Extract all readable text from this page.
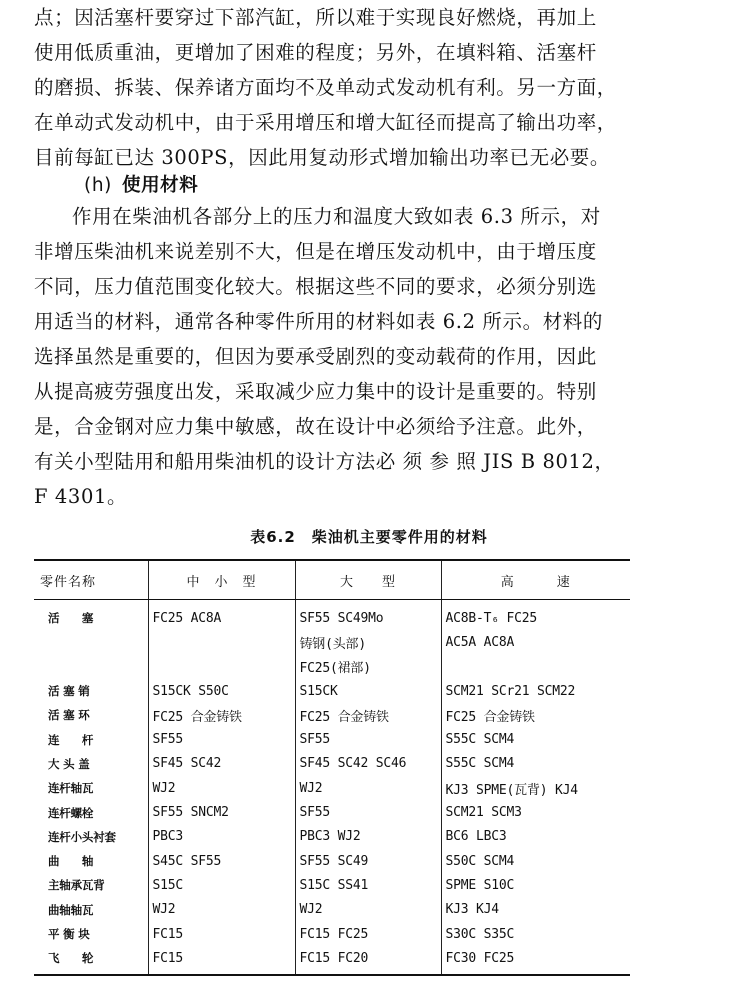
点；因活塞杆要穿过下部汽缸，所以难于实现良好燃烧，再加上
使用低质重油，更增加了困难的程度；另外，在填料箱、活塞杆
的磨损、拆装、保养诸方面均不及单动式发动机有利。另一方面，
在单动式发动机中，由于采用增压和增大缸径而提高了输出功率，
目前每缸已达 300PS，因此用复动形式增加输出功率已无必要。
(h) 使用材料
作用在柴油机各部分上的压力和温度大致如表 6.3 所示，对
非增压柴油机来说差别不大，但是在增压发动机中，由于增压度
不同，压力值范围变化较大。根据这些不同的要求，必须分别选
用适当的材料，通常各种零件所用的材料如表 6.2 所示。材料的
选择虽然是重要的，但因为要承受剧烈的变动载荷的作用，因此
从提高疲劳强度出发，采取减少应力集中的设计是重要的。特别
是，合金钢对应力集中敏感，故在设计中必须给予注意。此外，
有关小型陆用和船用柴油机的设计方法必 须 参 照 JIS B 8012，
F 4301。
表6.2　柴油机主要零件用的材料
零件名称	中　小　型	大　　型	高　　　速
活　　塞	FC25 AC8A	SF55 SC49Mo	AC8B-T₆ FC25
		铸钢(头部)	AC5A AC8A
		FC25(裙部)	
活 塞 销	S15CK S50C	S15CK	SCM21 SCr21 SCM22
活 塞 环	FC25 合金铸铁	FC25 合金铸铁	FC25 合金铸铁
连　　杆	SF55	SF55	S55C SCM4
大 头 盖	SF45 SC42	SF45 SC42 SC46	S55C SCM4
连杆轴瓦	WJ2	WJ2	KJ3 SPME(瓦背) KJ4
连杆螺栓	SF55 SNCM2	SF55	SCM21 SCM3
连杆小头衬套	PBC3	PBC3 WJ2	BC6 LBC3
曲　　轴	S45C SF55	SF55 SC49	S50C SCM4
主轴承瓦背	S15C	S15C SS41	SPME S10C
曲轴轴瓦	WJ2	WJ2	KJ3 KJ4
平 衡 块	FC15	FC15 FC25	S30C S35C
飞　　轮	FC15	FC15 FC20	FC30 FC25
